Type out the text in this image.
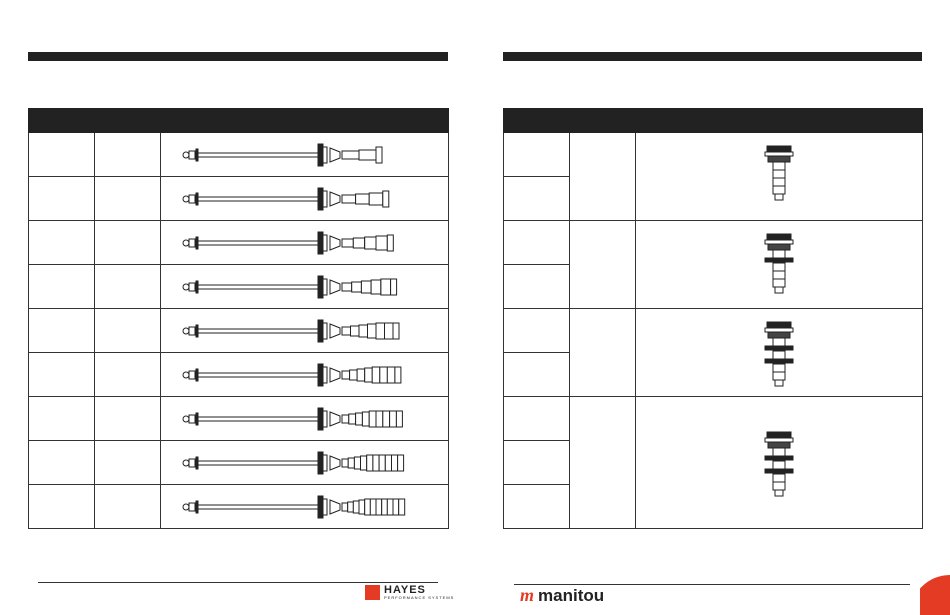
HAYES
PERFORMANCE SYSTEMS	m manitou
